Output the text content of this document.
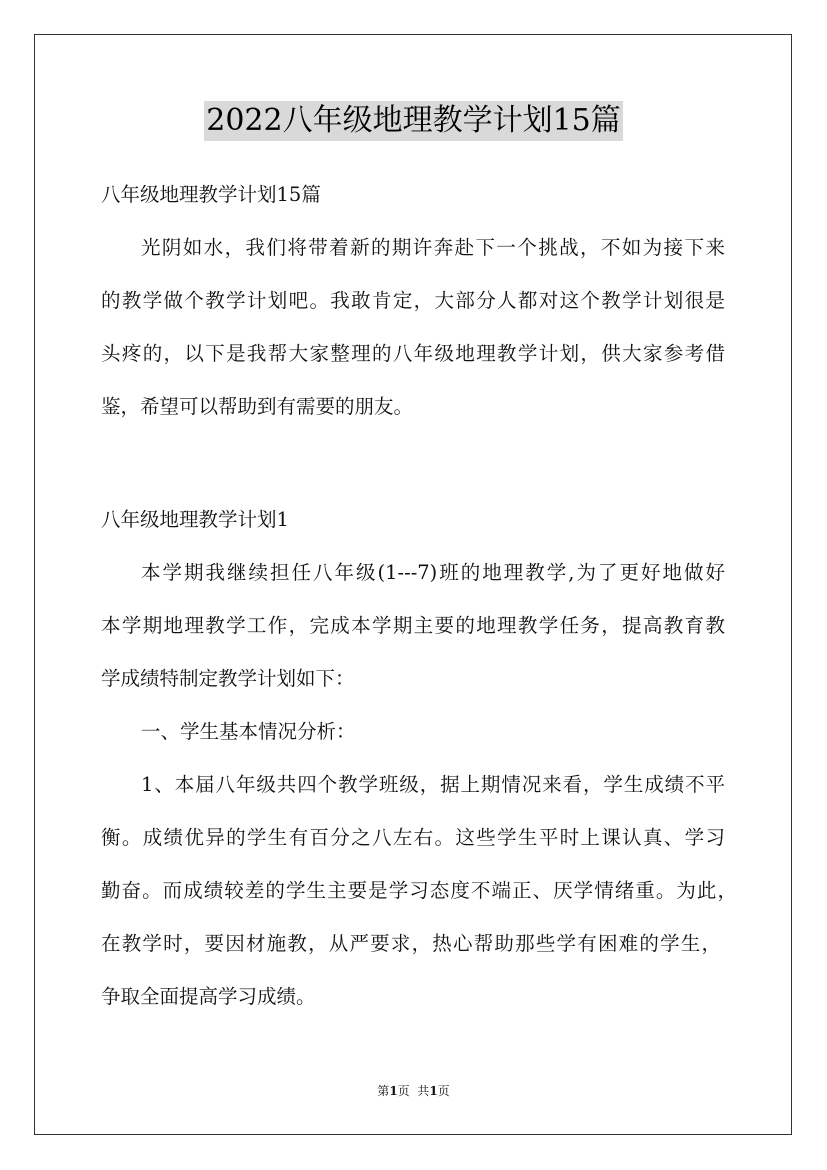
2022八年级地理教学计划15篇
八年级地理教学计划15篇
光阴如水，我们将带着新的期许奔赴下一个挑战，不如为接下来
的教学做个教学计划吧。我敢肯定，大部分人都对这个教学计划很是
头疼的，以下是我帮大家整理的八年级地理教学计划，供大家参考借
鉴，希望可以帮助到有需要的朋友。
八年级地理教学计划1
本学期我继续担任八年级(1---7)班的地理教学,为了更好地做好
本学期地理教学工作，完成本学期主要的地理教学任务，提高教育教
学成绩特制定教学计划如下：
一、学生基本情况分析：
1、本届八年级共四个教学班级，据上期情况来看，学生成绩不平
衡。成绩优异的学生有百分之八左右。这些学生平时上课认真、学习
勤奋。而成绩较差的学生主要是学习态度不端正、厌学情绪重。为此，
在教学时，要因材施教，从严要求，热心帮助那些学有困难的学生，
争取全面提高学习成绩。
第1页  共1页
